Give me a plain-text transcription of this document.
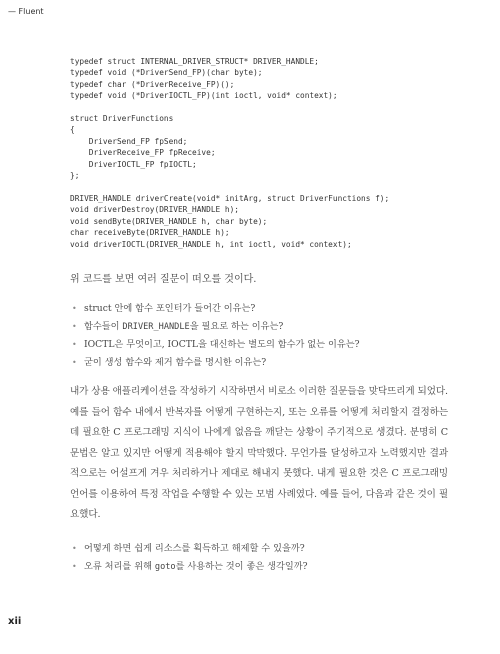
— Fluent
typedef struct INTERNAL_DRIVER_STRUCT* DRIVER_HANDLE;
typedef void (*DriverSend_FP)(char byte);
typedef char (*DriverReceive_FP)();
typedef void (*DriverIOCTL_FP)(int ioctl, void* context);

struct DriverFunctions
{
DriverSend_FP fpSend;
DriverReceive_FP fpReceive;
DriverIOCTL_FP fpIOCTL;
};

DRIVER_HANDLE driverCreate(void* initArg, struct DriverFunctions f);
void driverDestroy(DRIVER_HANDLE h);
void sendByte(DRIVER_HANDLE h, char byte);
char receiveByte(DRIVER_HANDLE h);
void driverIOCTL(DRIVER_HANDLE h, int ioctl, void* context);

위 코드를 보면 여러 질문이 떠오를 것이다.

• struct 안에 함수 포인터가 들어간 이유는?
• 함수들이 DRIVER_HANDLE을 필요로 하는 이유는?
• IOCTL은 무엇이고, IOCTL을 대신하는 별도의 함수가 없는 이유는?
• 굳이 생성 함수와 제거 함수를 명시한 이유는?

내가 상용 애플리케이션을 작성하기 시작하면서 비로소 이러한 질문들을 맞닥뜨리게 되었다. 예를 들어 함수 내에서 반복자를 어떻게 구현하는지, 또는 오류를 어떻게 처리할지 결정하는 데 필요한 C 프로그래밍 지식이 나에게 없음을 깨닫는 상황이 주기적으로 생겼다. 분명히 C 문법은 알고 있지만 어떻게 적용해야 할지 막막했다. 무언가를 달성하고자 노력했지만 결과적으로는 어설프게 겨우 처리하거나 제대로 해내지 못했다. 내게 필요한 것은 C 프로그래밍 언어를 이용하여 특정 작업을 수행할 수 있는 모범 사례였다. 예를 들어, 다음과 같은 것이 필요했다.

• 어떻게 하면 쉽게 리소스를 획득하고 해제할 수 있을까?
• 오류 처리를 위해 goto를 사용하는 것이 좋은 생각일까?
xii
